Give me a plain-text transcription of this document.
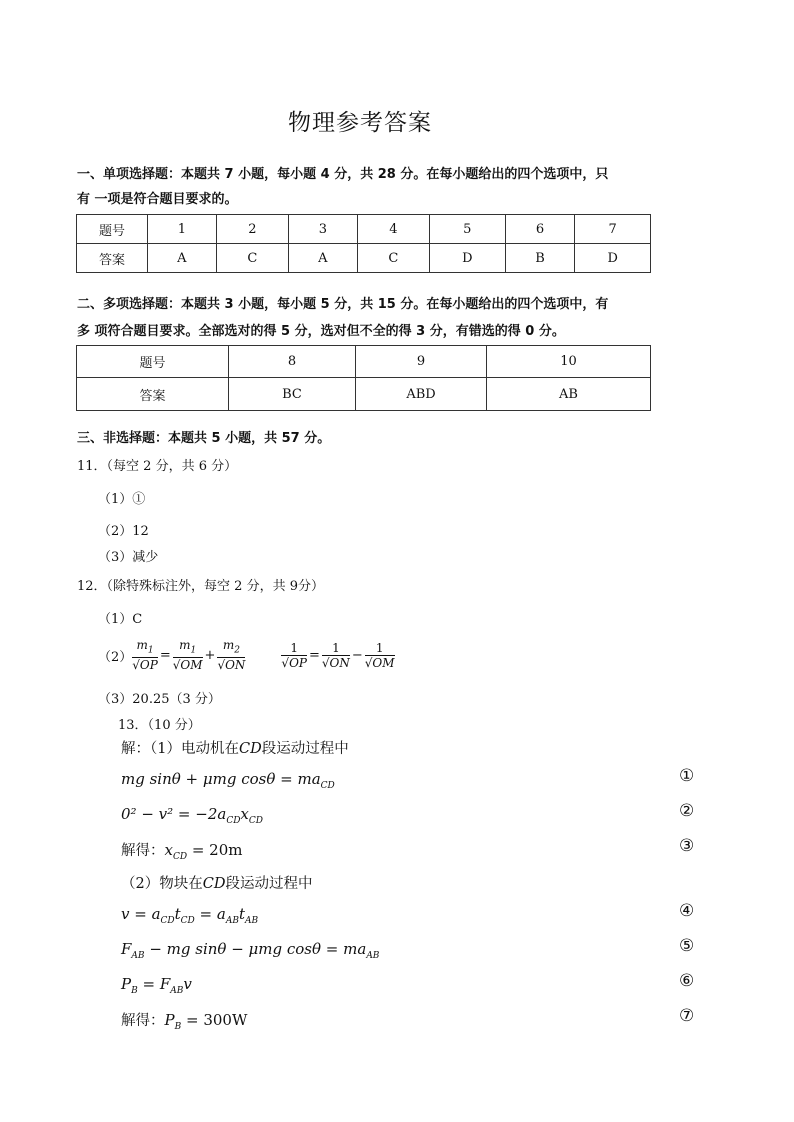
物理参考答案
一、单项选择题：本题共 7 小题，每小题 4 分，共 28 分。在每小题给出的四个选项中，只
有 一项是符合题目要求的。
题号	1	2	3	4	5	6	7
答案	A	C	A	C	D	B	D
二、多项选择题：本题共 3 小题，每小题 5 分，共 15 分。在每小题给出的四个选项中，有
多 项符合题目要求。全部选对的得 5 分，选对但不全的得 3 分，有错选的得 0 分。
题号	8	9	10
答案	BC	ABD	AB
三、非选择题：本题共 5 小题，共 57 分。
11．（每空 2 分，共 6 分）
（1）①
（2）12
（3）减少
12．（除特殊标注外，每空 2 分，共 9分）
（1）C
$(2) \frac{m_1}{√OP} = \frac{m_1}{√OM} + \frac{m_2}{√ON}$	$\frac{1}{√OP} = \frac{1}{√ON} - \frac{1}{√OM}$
（3）20.25（3 分）
13．（10 分）
解：（1）电动机在CD段运动过程中
mg sinθ + μmg $\cos\theta = ma_{CD}$	①
$0^2 - v^2 = -2a_{CD}x_{CD}$	②
解得：$x_{CD} = 20m$	③
（2）物块在CD段运动过程中
$v = a_{CD}t_{CD} = a_{AB}t_{AB}$	④
$F_{AB}$ − mg sinθ − μmg $\cos\theta = ma_{AB}$	⑤
$P_B = F_{AB}v$	⑥
解得：$P_B = 300W$	⑦
